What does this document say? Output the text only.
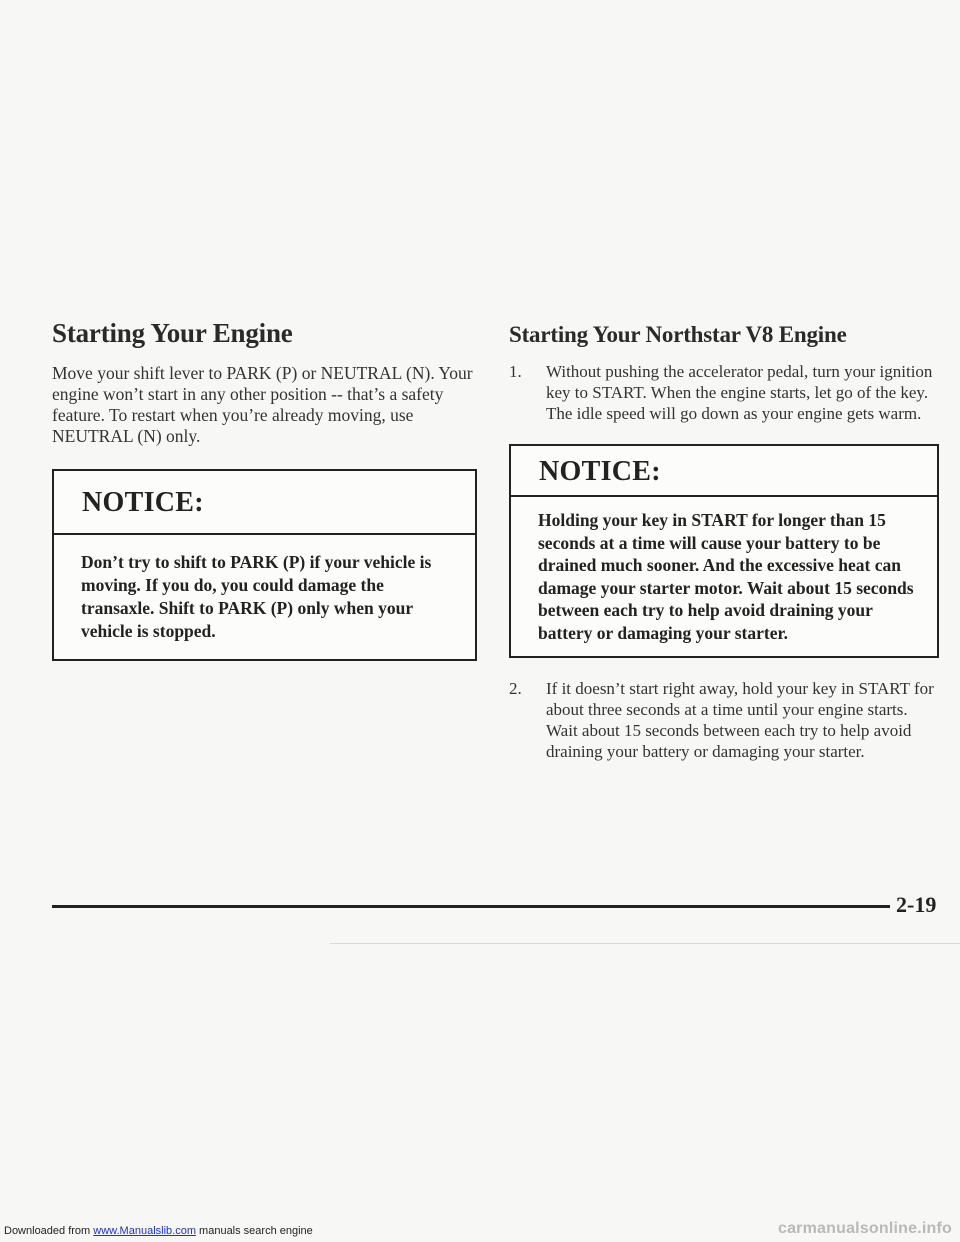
Starting Your Engine

Move your shift lever to PARK (P) or NEUTRAL (N). Your engine won’t start in any other position -- that’s a safety feature. To restart when you’re already moving, use NEUTRAL (N) only.

NOTICE:
Don’t try to shift to PARK (P) if your vehicle is moving. If you do, you could damage the transaxle. Shift to PARK (P) only when your vehicle is stopped.
Starting Your Northstar V8 Engine
1.	Without pushing the accelerator pedal, turn your ignition key to START. When the engine starts, let go of the key. The idle speed will go down as your engine gets warm.
NOTICE:
Holding your key in START for longer than 15 seconds at a time will cause your battery to be drained much sooner. And the excessive heat can damage your starter motor. Wait about 15 seconds between each try to help avoid draining your battery or damaging your starter.
2.	If it doesn’t start right away, hold your key in START for about three seconds at a time until your engine starts. Wait about 15 seconds between each try to help avoid draining your battery or damaging your starter.
2-19
Downloaded from www.Manualslib.com manuals search engine	carmanualsonline.info
